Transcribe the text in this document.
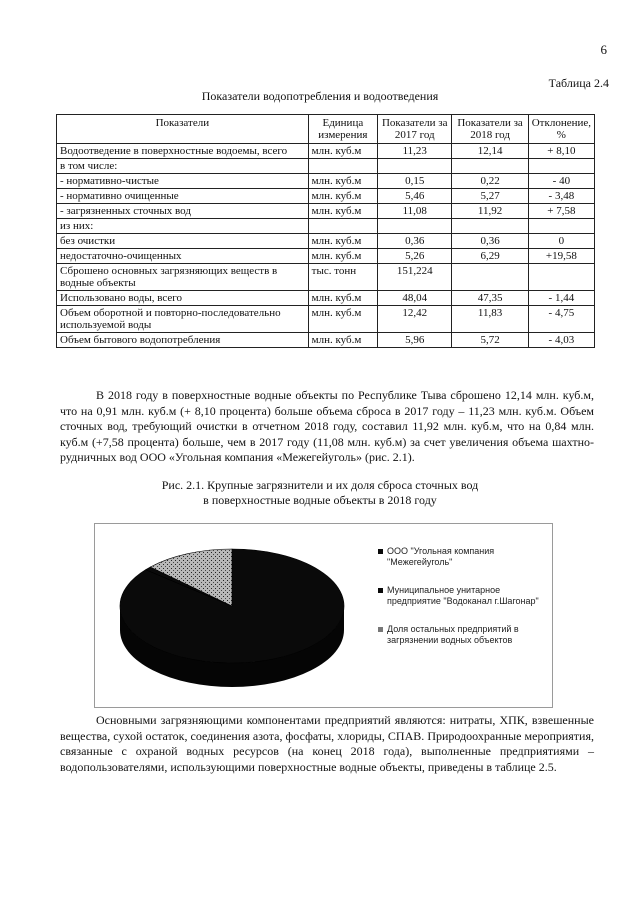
6
Таблица 2.4
Показатели водопотребления и водоотведения
Показатели	Единица измерения	Показатели за 2017 год	Показатели за 2018 год	Отклонение, %
Водоотведение в поверхностные водоемы, всего	млн. куб.м	11,23	12,14	+ 8,10
в том числе:				
- нормативно-чистые	млн. куб.м	0,15	0,22	- 40
- нормативно очищенные	млн. куб.м	5,46	5,27	- 3,48
- загрязненных сточных вод	млн. куб.м	11,08	11,92	+ 7,58
из них:				
без очистки	млн. куб.м	0,36	0,36	0
недостаточно-очищенных	млн. куб.м	5,26	6,29	+19,58
Сброшено основных загрязняющих веществ в водные объекты	тыс. тонн	151,224		
Использовано воды, всего	млн. куб.м	48,04	47,35	- 1,44
Объем оборотной и повторно-последовательно используемой воды	млн. куб.м	12,42	11,83	- 4,75
Объем бытового водопотребления	млн. куб.м	5,96	5,72	- 4,03

В 2018 году в поверхностные водные объекты по Республике Тыва сброшено 12,14 млн. куб.м, что на 0,91 млн. куб.м (+ 8,10 процента) больше объема сброса в 2017 году – 11,23 млн. куб.м. Объем сточных вод, требующий очистки в отчетном 2018 году, составил 11,92 млн. куб.м, что на 0,84 млн. куб.м (+7,58 процента) больше, чем в 2017 году (11,08 млн. куб.м) за счет увеличения объема шахтно-рудничных вод ООО «Угольная компания «Межегейуголь» (рис. 2.1).

Рис. 2.1. Крупные загрязнители и их доля сброса сточных вод
в поверхностные водные объекты в 2018 году
ООО "Угольная компания "Межегейуголь"
Муниципальное унитарное предприятие "Водоканал г.Шагонар"
Доля остальных предприятий в загрязнении водных объектов

Основными загрязняющими компонентами предприятий являются: нитраты, ХПК, взвешенные вещества, сухой остаток, соединения азота, фосфаты, хлориды, СПАВ. Природоохранные мероприятия, связанные с охраной водных ресурсов (на конец 2018 года), выполненные предприятиями – водопользователями, использующими поверхностные водные объекты, приведены в таблице 2.5.
